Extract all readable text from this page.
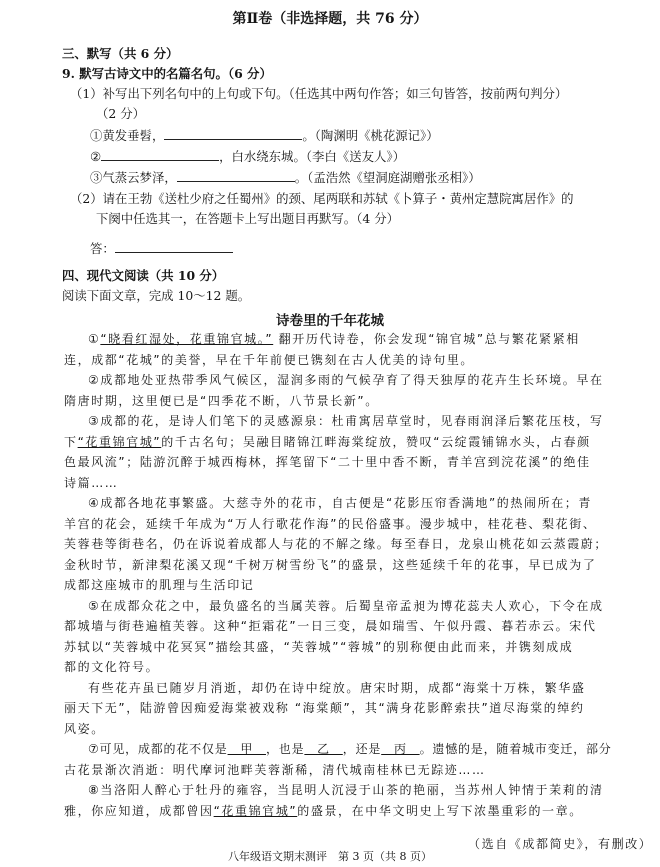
第Ⅱ卷（非选择题，共 76 分）
三、默写（共 6 分）
9. 默写古诗文中的名篇名句。（6 分）
（1）补写出下列名句中的上句或下句。（任选其中两句作答；如三句皆答，按前两句判分）
（2 分）
①黄发垂髫，	。（陶渊明《桃花源记》）
②	，白水绕东城。（李白《送友人》）
③气蒸云梦泽，	。（孟浩然《望洞庭湖赠张丞相》）
（2）请在王勃《送杜少府之任蜀州》的颈、尾两联和苏轼《卜算子・黄州定慧院寓居作》的
下阕中任选其一，在答题卡上写出题目再默写。（4 分）
答：
四、现代文阅读（共 10 分）
阅读下面文章，完成 10～12 题。
诗卷里的千年花城
①“晓看红湿处，花重锦官城。” 翻开历代诗卷，你会发现“锦官城”总与繁花紧紧相
连，成都“花城”的美誉，早在千年前便已镌刻在古人优美的诗句里。
②成都地处亚热带季风气候区，湿润多雨的气候孕育了得天独厚的花卉生长环境。早在
隋唐时期，这里便已是“四季花不断，八节景长新”。
③成都的花，是诗人们笔下的灵感源泉：杜甫寓居草堂时，见春雨润泽后繁花压枝，写
下“花重锦官城”的千古名句；吴融目睹锦江畔海棠绽放，赞叹“云绽霞铺锦水头，占春颜
色最风流”；陆游沉醉于城西梅林，挥笔留下“二十里中香不断，青羊宫到浣花溪”的绝佳
诗篇……
④成都各地花事繁盛。大慈寺外的花市，自古便是“花影压帘香满地”的热闹所在；青
羊宫的花会，延续千年成为“万人行歌花作海”的民俗盛事。漫步城中，桂花巷、梨花街、
芙蓉巷等街巷名，仍在诉说着成都人与花的不解之缘。每至春日，龙泉山桃花如云蒸霞蔚；
金秋时节，新津梨花溪又现“千树万树雪纷飞”的盛景，这些延续千年的花事，早已成为了
成都这座城市的肌理与生活印记
⑤在成都众花之中，最负盛名的当属芙蓉。后蜀皇帝孟昶为博花蕊夫人欢心，下令在成
都城墙与街巷遍植芙蓉。这种“拒霜花”一日三变，晨如瑞雪、午似丹霞、暮若赤云。宋代
苏轼以“芙蓉城中花冥冥”描绘其盛，“芙蓉城”“蓉城”的别称便由此而来，并镌刻成成
都的文化符号。
有些花卉虽已随岁月消逝，却仍在诗中绽放。唐宋时期，成都“海棠十万株，繁华盛
丽天下无”，陆游曾因痴爱海棠被戏称 “海棠颠”，其“满身花影醉索扶”道尽海棠的绰约
风姿。
⑦可见，成都的花不仅是　甲　，也是　乙　，还是　丙　。遗憾的是，随着城市变迁，部分
古花景渐次消逝：明代摩诃池畔芙蓉渐稀，清代城南桂林已无踪迹……
⑧当洛阳人醉心于牡丹的雍容，当昆明人沉浸于山茶的艳丽，当苏州人钟情于茉莉的清
雅，你应知道，成都曾因“花重锦官城”的盛景，在中华文明史上写下浓墨重彩的一章。
（选自《成都简史》，有删改）
八年级语文期末测评　第 3 页（共 8 页）
